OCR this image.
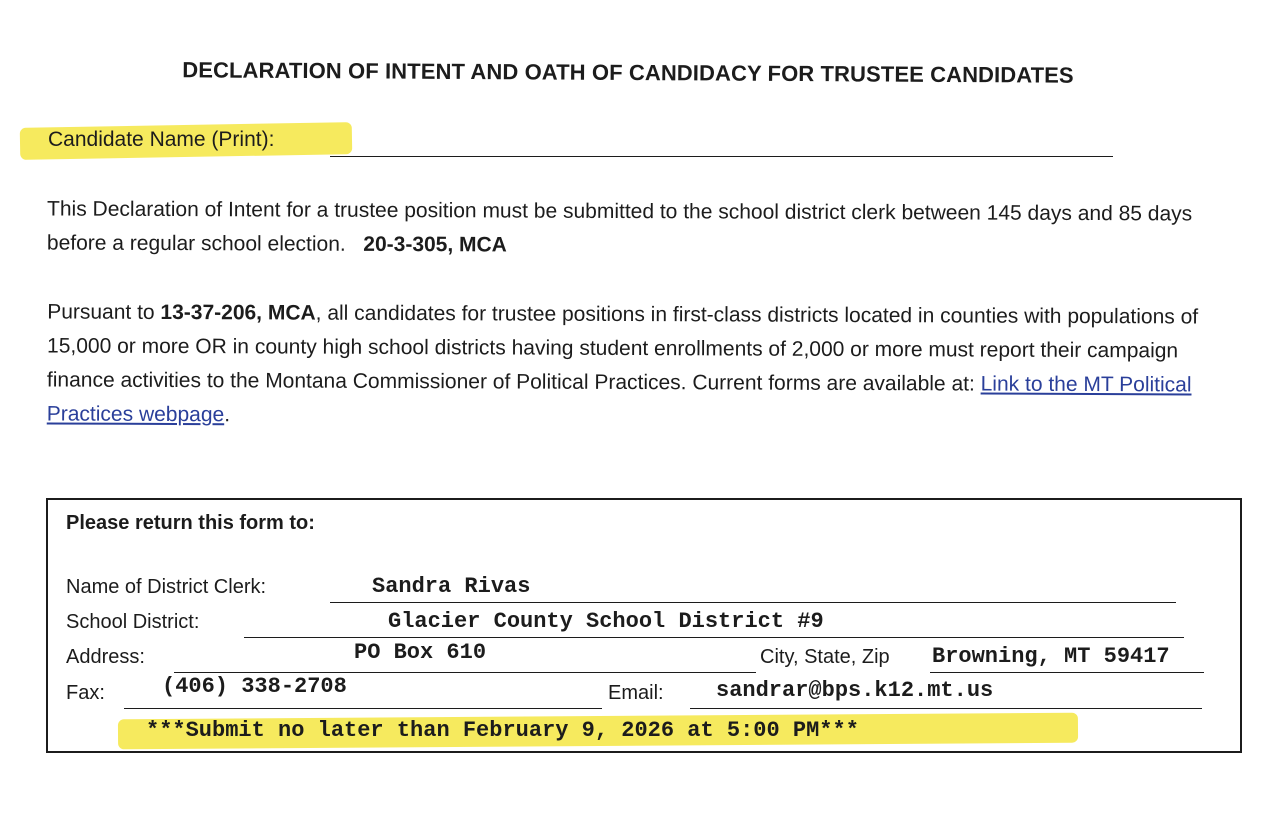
DECLARATION OF INTENT AND OATH OF CANDIDACY FOR TRUSTEE CANDIDATES
Candidate Name (Print):
This Declaration of Intent for a trustee position must be submitted to the school district clerk between 145 days and 85 days before a regular school election. 20-3-305, MCA
Pursuant to 13-37-206, MCA, all candidates for trustee positions in first-class districts located in counties with populations of 15,000 or more OR in county high school districts having student enrollments of 2,000 or more must report their campaign finance activities to the Montana Commissioner of Political Practices. Current forms are available at: Link to the MT Political Practices webpage.
Please return this form to:
Name of District Clerk:	Sandra Rivas
School District:	Glacier County School District #9
Address:	PO Box 610	City, State, Zip Browning, MT 59417
Fax:	(406) 338-2708	Email: sandrar@bps.k12.mt.us
***Submit no later than February 9, 2026 at 5:00 PM***
